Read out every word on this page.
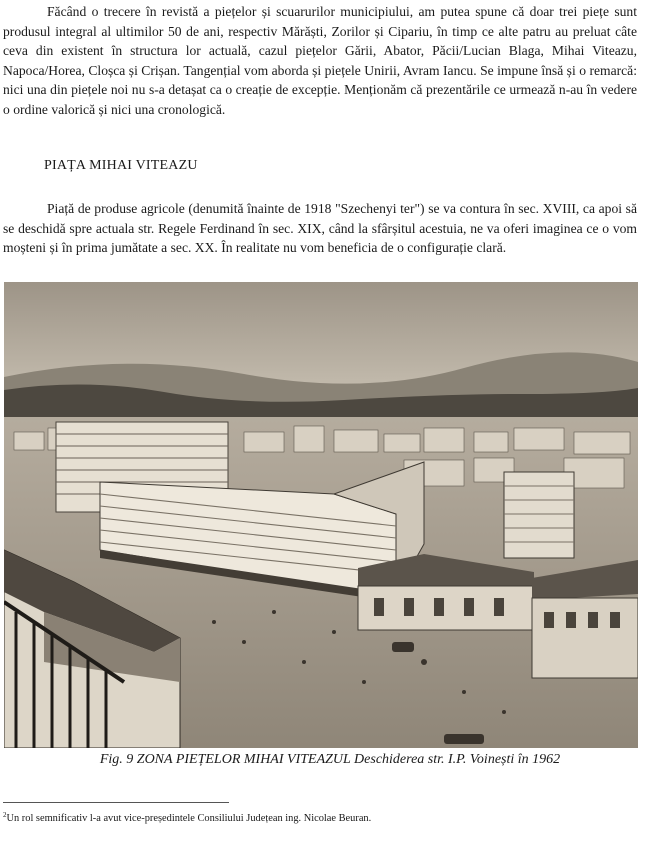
Făcând o trecere în revistă a piețelor și scuarurilor municipiului, am putea spune că doar trei piețe sunt produsul integral al ultimilor 50 de ani, respectiv Mărăști, Zorilor și Cipariu, în timp ce alte patru au preluat câte ceva din existent în structura lor actuală, cazul piețelor Gării, Abator, Păcii/Lucian Blaga, Mihai Viteazu, Napoca/Horea, Cloșca și Crișan. Tangențial vom aborda și piețele Unirii, Avram Iancu. Se impune însă și o remarcă: nici una din piețele noi nu s-a detașat ca o creație de excepție. Menționăm că prezentările ce urmează n-au în vedere o ordine valorică și nici una cronologică.

PIAȚA MIHAI VITEAZU

Piață de produse agricole (denumită înainte de 1918 "Szechenyi ter") se va contura în sec. XVIII, ca apoi să se deschidă spre actuala str. Regele Ferdinand în sec. XIX, când la sfârșitul acestuia, ne va oferi imaginea ce o vom moșteni și în prima jumătate a sec. XX. În realitate nu vom beneficia de o configurație clară.

Fig. 9 ZONA PIEȚELOR MIHAI VITEAZUL Deschiderea str. I.P. Voinești în 1962

$^2$Un rol semnificativ l-a avut vice-președintele Consiliului Județean ing. Nicolae Beuran.
